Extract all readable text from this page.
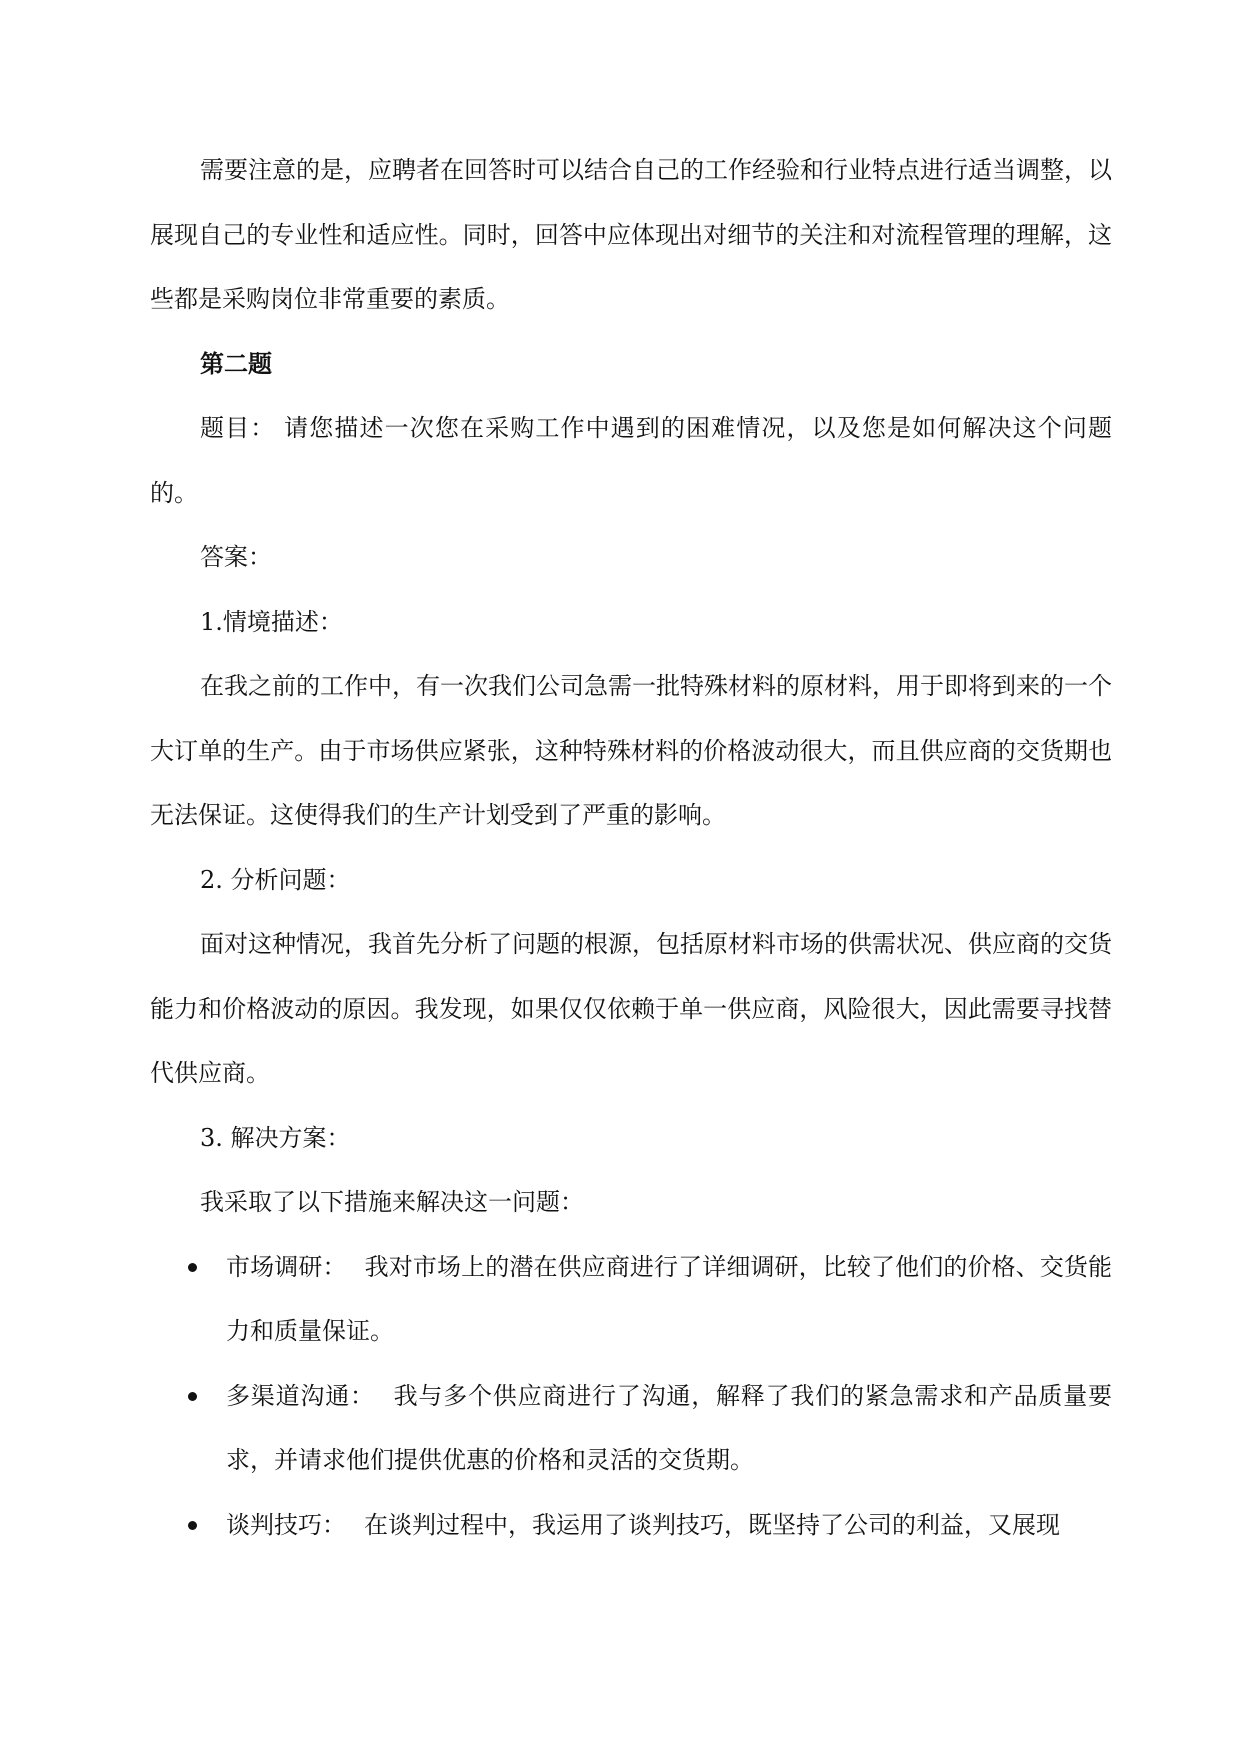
需要注意的是，应聘者在回答时可以结合自己的工作经验和行业特点进行适当调整，以展现自己的专业性和适应性。同时，回答中应体现出对细节的关注和对流程管理的理解，这些都是采购岗位非常重要的素质。

第二题

题目： 请您描述一次您在采购工作中遇到的困难情况，以及您是如何解决这个问题的。

答案：

1.情境描述：

在我之前的工作中，有一次我们公司急需一批特殊材料的原材料，用于即将到来的一个大订单的生产。由于市场供应紧张，这种特殊材料的价格波动很大，而且供应商的交货期也无法保证。这使得我们的生产计划受到了严重的影响。

2. 分析问题：

面对这种情况，我首先分析了问题的根源，包括原材料市场的供需状况、供应商的交货能力和价格波动的原因。我发现，如果仅仅依赖于单一供应商，风险很大，因此需要寻找替代供应商。

3. 解决方案：

我采取了以下措施来解决这一问题：

市场调研： 我对市场上的潜在供应商进行了详细调研，比较了他们的价格、交货能力和质量保证。
多渠道沟通： 我与多个供应商进行了沟通，解释了我们的紧急需求和产品质量要求，并请求他们提供优惠的价格和灵活的交货期。
谈判技巧： 在谈判过程中，我运用了谈判技巧，既坚持了公司的利益，又展现
